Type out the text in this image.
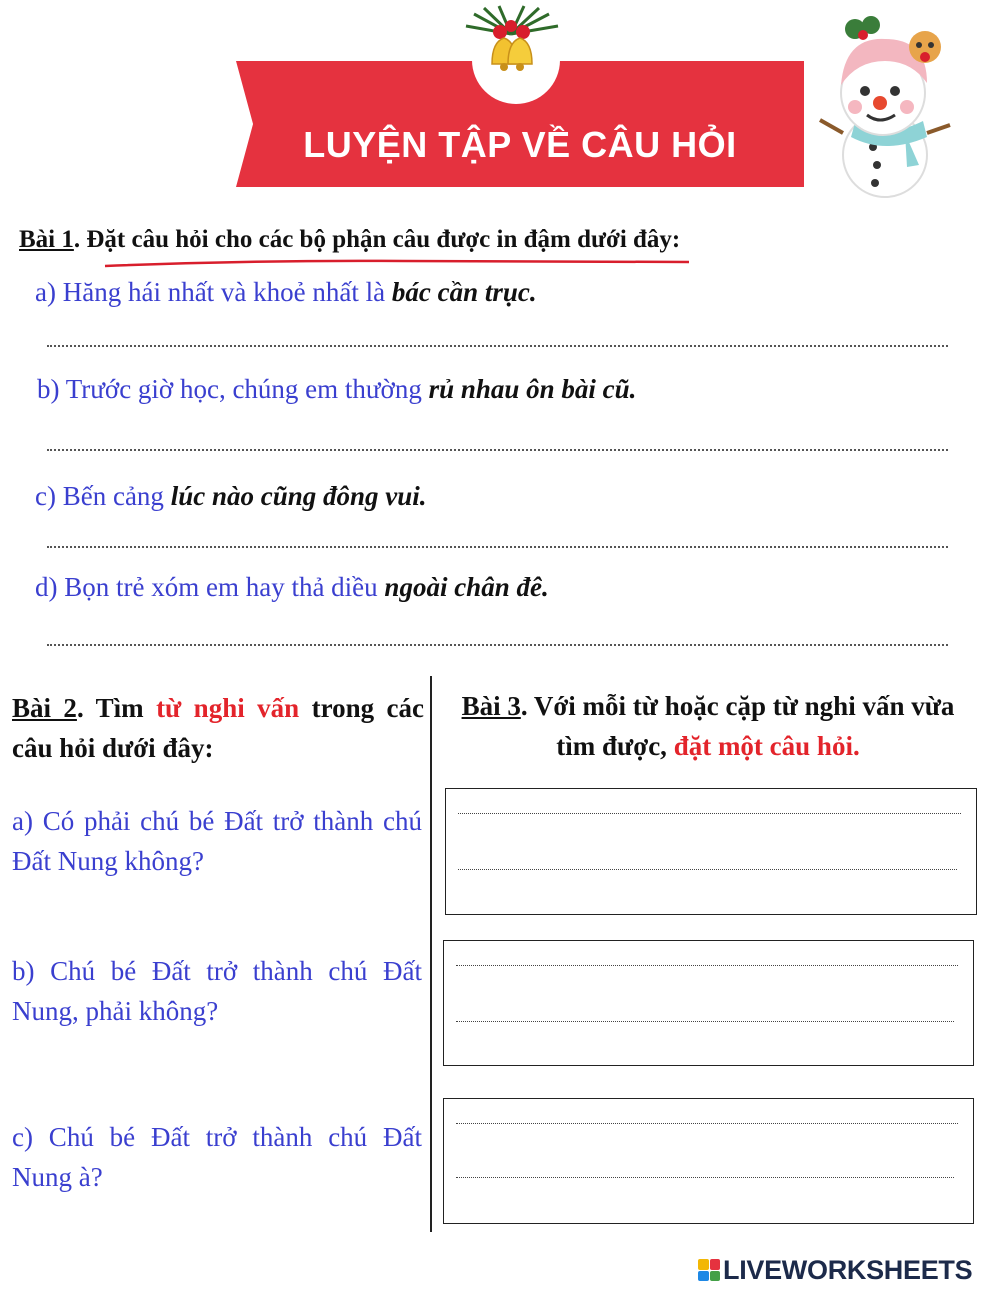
LUYỆN TẬP VỀ CÂU HỎI
Bài 1. Đặt câu hỏi cho các bộ phận câu được in đậm dưới đây:
a) Hăng hái nhất và khoẻ nhất là bác cần trục.
b) Trước giờ học, chúng em thường rủ nhau ôn bài cũ.
c) Bến cảng lúc nào cũng đông vui.
d) Bọn trẻ xóm em hay thả diều ngoài chân đê.
Bài 2. Tìm từ nghi vấn trong các câu hỏi dưới đây:
a) Có phải chú bé Đất trở thành chú Đất Nung không?
b) Chú bé Đất trở thành chú Đất Nung, phải không?
c) Chú bé Đất trở thành chú Đất Nung à?
Bài 3. Với mỗi từ hoặc cặp từ nghi vấn vừa tìm được, đặt một câu hỏi.
LIVEWORKSHEETS
